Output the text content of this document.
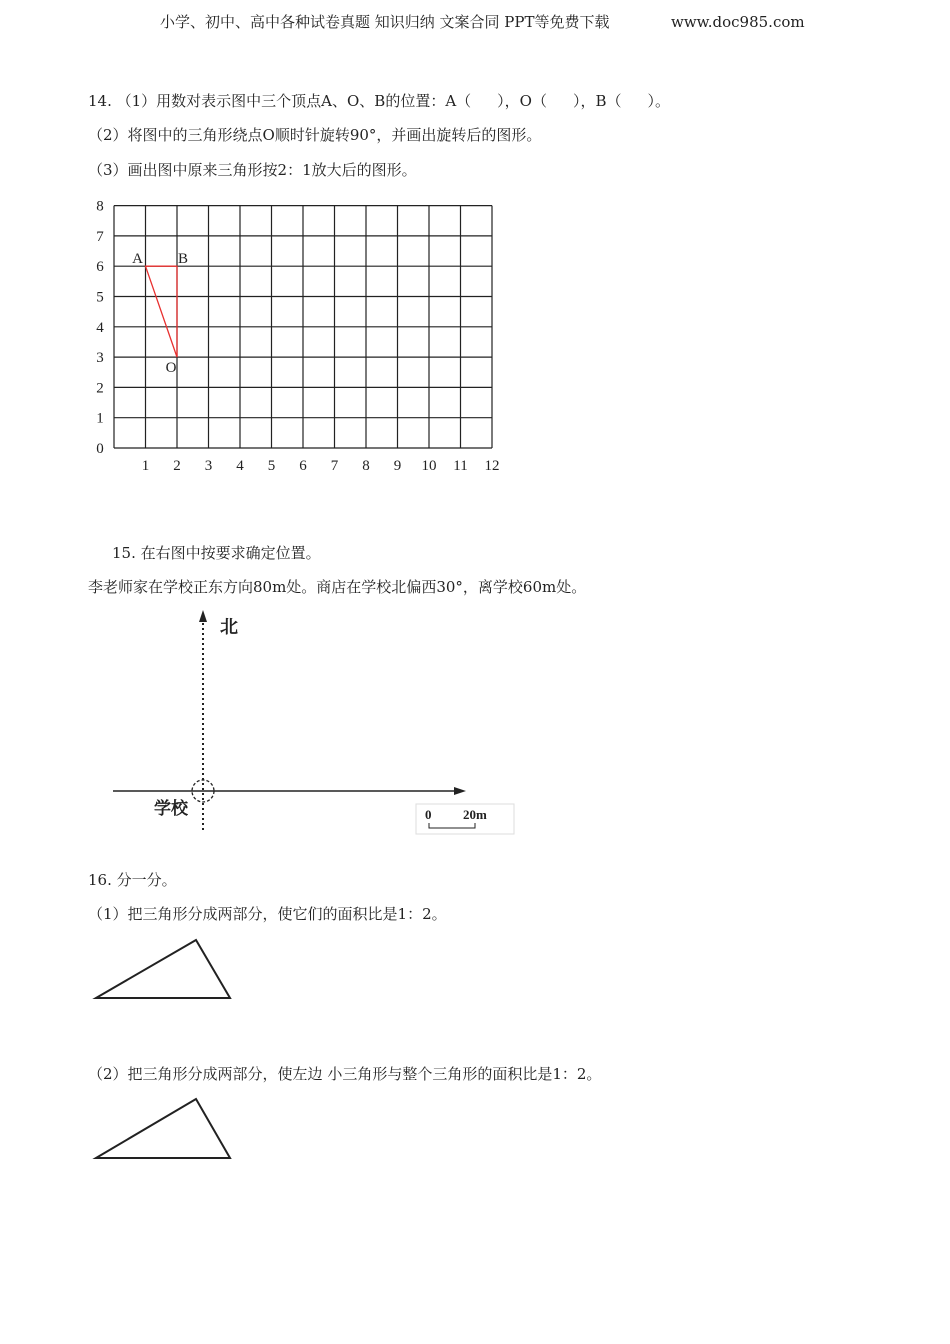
小学、初中、高中各种试卷真题 知识归纳 文案合同 PPT等免费下载	www.doc985.com
14. （1）用数对表示图中三个顶点A、O、B的位置：A（ ），O（ ），B（ ）。
（2）将图中的三角形绕点O顺时针旋转90°，并画出旋转后的图形。
（3）画出图中原来三角形按2：1放大后的图形。
1 2 3 4 5 6 7 8 9 10 11 12
0
1
2
3
4
5
6
7
8
A B
O
15. 在右图中按要求确定位置。
李老师家在学校正东方向80m处。商店在学校北偏西30°，离学校60m处。
北
学校	0 20m
16. 分一分。
（1）把三角形分成两部分，使它们的面积比是1：2。
（2）把三角形分成两部分，使左边 小三角形与整个三角形的面积比是1：2。
